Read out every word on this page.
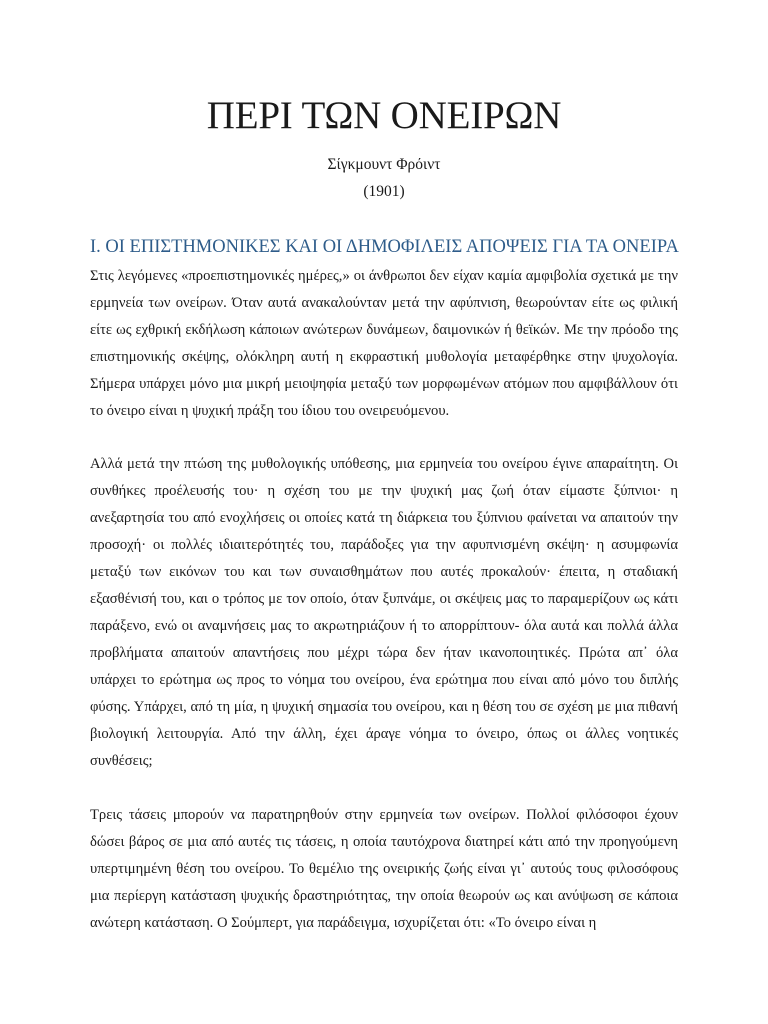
ΠΕΡΙ ΤΩΝ ΟΝΕΙΡΩΝ

Σίγκμουντ Φρόιντ

(1901)

I. ΟΙ ΕΠΙΣΤΗΜΟΝΙΚΕΣ ΚΑΙ ΟΙ ΔΗΜΟΦΙΛΕΙΣ ΑΠΟΨΕΙΣ ΓΙΑ ΤΑ ΟΝΕΙΡΑ

Στις λεγόμενες «προεπιστημονικές ημέρες,» οι άνθρωποι δεν είχαν καμία αμφιβολία σχετικά με την ερμηνεία των ονείρων. Όταν αυτά ανακαλούνταν μετά την αφύπνιση, θεωρούνταν είτε ως φιλική είτε ως εχθρική εκδήλωση κάποιων ανώτερων δυνάμεων, δαιμονικών ή θεϊκών. Με την πρόοδο της επιστημονικής σκέψης, ολόκληρη αυτή η εκφραστική μυθολογία μεταφέρθηκε στην ψυχολογία. Σήμερα υπάρχει μόνο μια μικρή μειοψηφία μεταξύ των μορφωμένων ατόμων που αμφιβάλλουν ότι το όνειρο είναι η ψυχική πράξη του ίδιου του ονειρευόμενου.

Αλλά μετά την πτώση της μυθολογικής υπόθεσης, μια ερμηνεία του ονείρου έγινε απαραίτητη. Οι συνθήκες προέλευσής του· η σχέση του με την ψυχική μας ζωή όταν είμαστε ξύπνιοι· η ανεξαρτησία του από ενοχλήσεις οι οποίες κατά τη διάρκεια του ξύπνιου φαίνεται να απαιτούν την προσοχή· οι πολλές ιδιαιτερότητές του, παράδοξες για την αφυπνισμένη σκέψη· η ασυμφωνία μεταξύ των εικόνων του και των συναισθημάτων που αυτές προκαλούν· έπειτα, η σταδιακή εξασθένισή του, και ο τρόπος με τον οποίο, όταν ξυπνάμε, οι σκέψεις μας το παραμερίζουν ως κάτι παράξενο, ενώ οι αναμνήσεις μας το ακρωτηριάζουν ή το απορρίπτουν- όλα αυτά και πολλά άλλα προβλήματα απαιτούν απαντήσεις που μέχρι τώρα δεν ήταν ικανοποιητικές. Πρώτα απ᾽ όλα υπάρχει το ερώτημα ως προς το νόημα του ονείρου, ένα ερώτημα που είναι από μόνο του διπλής φύσης. Υπάρχει, από τη μία, η ψυχική σημασία του ονείρου, και η θέση του σε σχέση με μια πιθανή βιολογική λειτουργία. Από την άλλη, έχει άραγε νόημα το όνειρο, όπως οι άλλες νοητικές συνθέσεις;

Τρεις τάσεις μπορούν να παρατηρηθούν στην ερμηνεία των ονείρων. Πολλοί φιλόσοφοι έχουν δώσει βάρος σε μια από αυτές τις τάσεις, η οποία ταυτόχρονα διατηρεί κάτι από την προηγούμενη υπερτιμημένη θέση του ονείρου. Το θεμέλιο της ονειρικής ζωής είναι γι᾽ αυτούς τους φιλοσόφους μια περίεργη κατάσταση ψυχικής δραστηριότητας, την οποία θεωρούν ως και ανύψωση σε κάποια ανώτερη κατάσταση. Ο Σούμπερτ, για παράδειγμα, ισχυρίζεται ότι: «Το όνειρο είναι η
